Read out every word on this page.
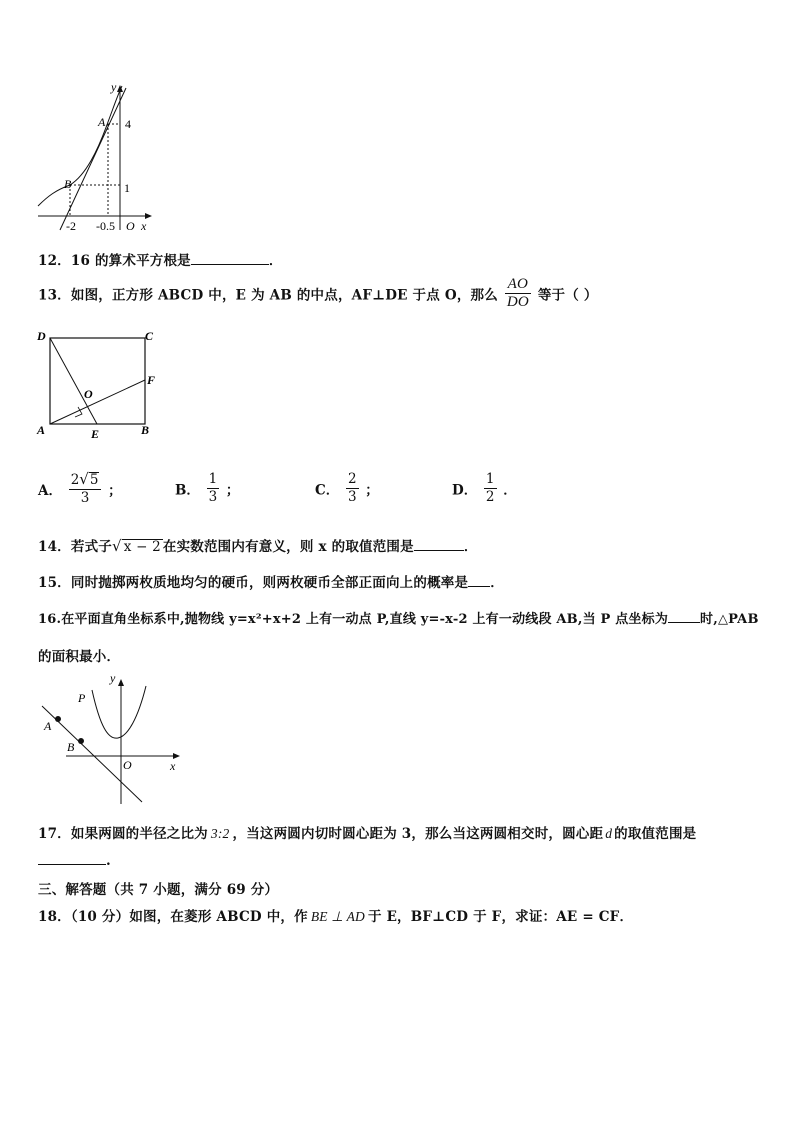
y
x
O
A
B
4
1
-2 -0.5
12．16 的算术平方根是	．
13．如图，正方形 ABCD 中，E 为 AB 的中点，AF⊥DE 于点 O，那么 $\frac{AO}{DO}$ 等于（ ）
D	C
F
O
A	E	B
A． $\frac{2√5}{3}$ ；	B． $\frac{1}{3}$ ；	C． $\frac{2}{3}$ ；	D． $\frac{1}{2}$ ．
14．若式子√ x − 2 在实数范围内有意义，则 x 的取值范围是	．
15．同时抛掷两枚质地均匀的硬币，则两枚硬币全部正面向上的概率是 ．
16.在平面直角坐标系中,抛物线 y=x²+x+2 上有一动点 P,直线 y=-x-2 上有一动线段 AB,当 P 点坐标为 时,△PAB
的面积最小．
y
x
O
P
A
B
17．如果两圆的半径之比为 3:2 ，当这两圆内切时圆心距为 3，那么当这两圆相交时，圆心距 d 的取值范围是
.
三、解答题（共 7 小题，满分 69 分）
18．（10 分）如图，在菱形 ABCD 中，作 BE ⊥ AD 于 E，BF⊥CD 于 F，求证：AE = CF．
